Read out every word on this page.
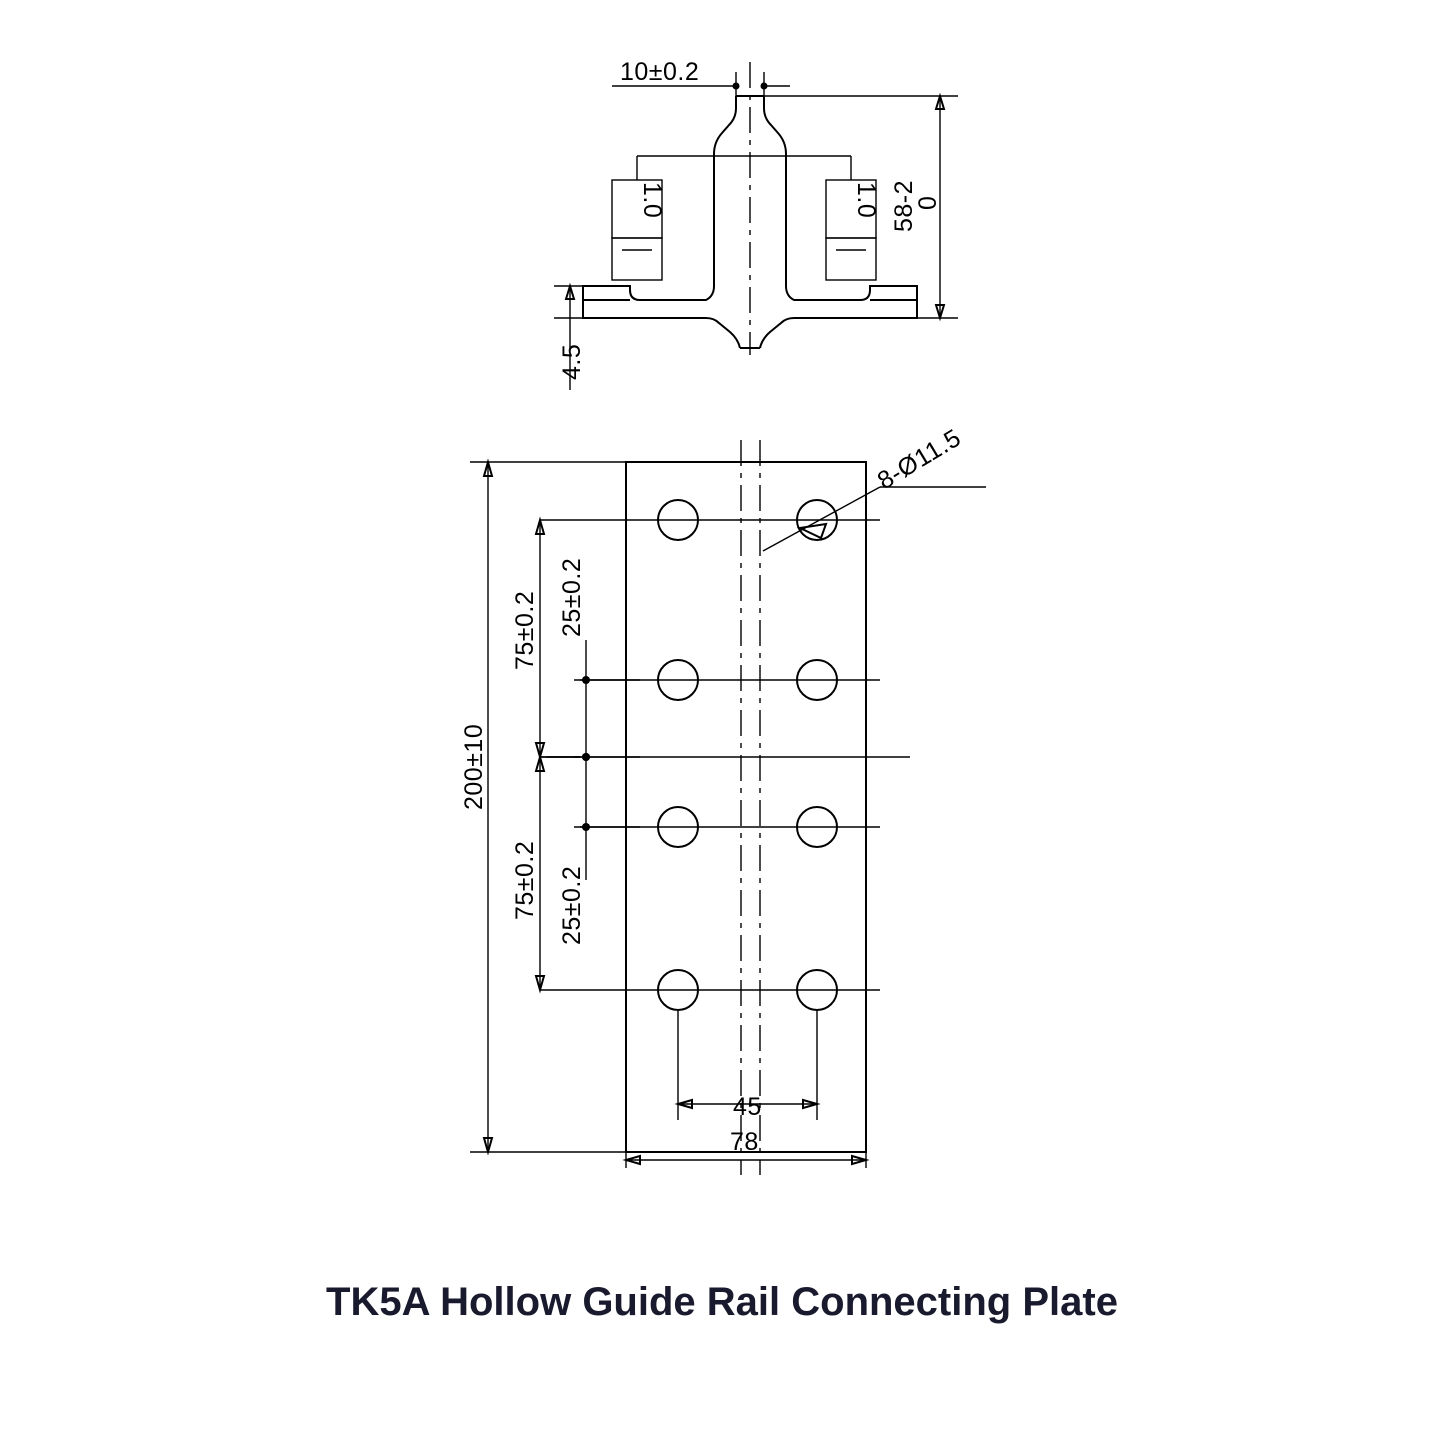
10±0.2
1.0	1.0 58-2
0
4.5
8-Ø11.5
200±10
75±0.2 25±0.2
75±0.2 25±0.2
45
78
TK5A Hollow Guide Rail Connecting Plate
